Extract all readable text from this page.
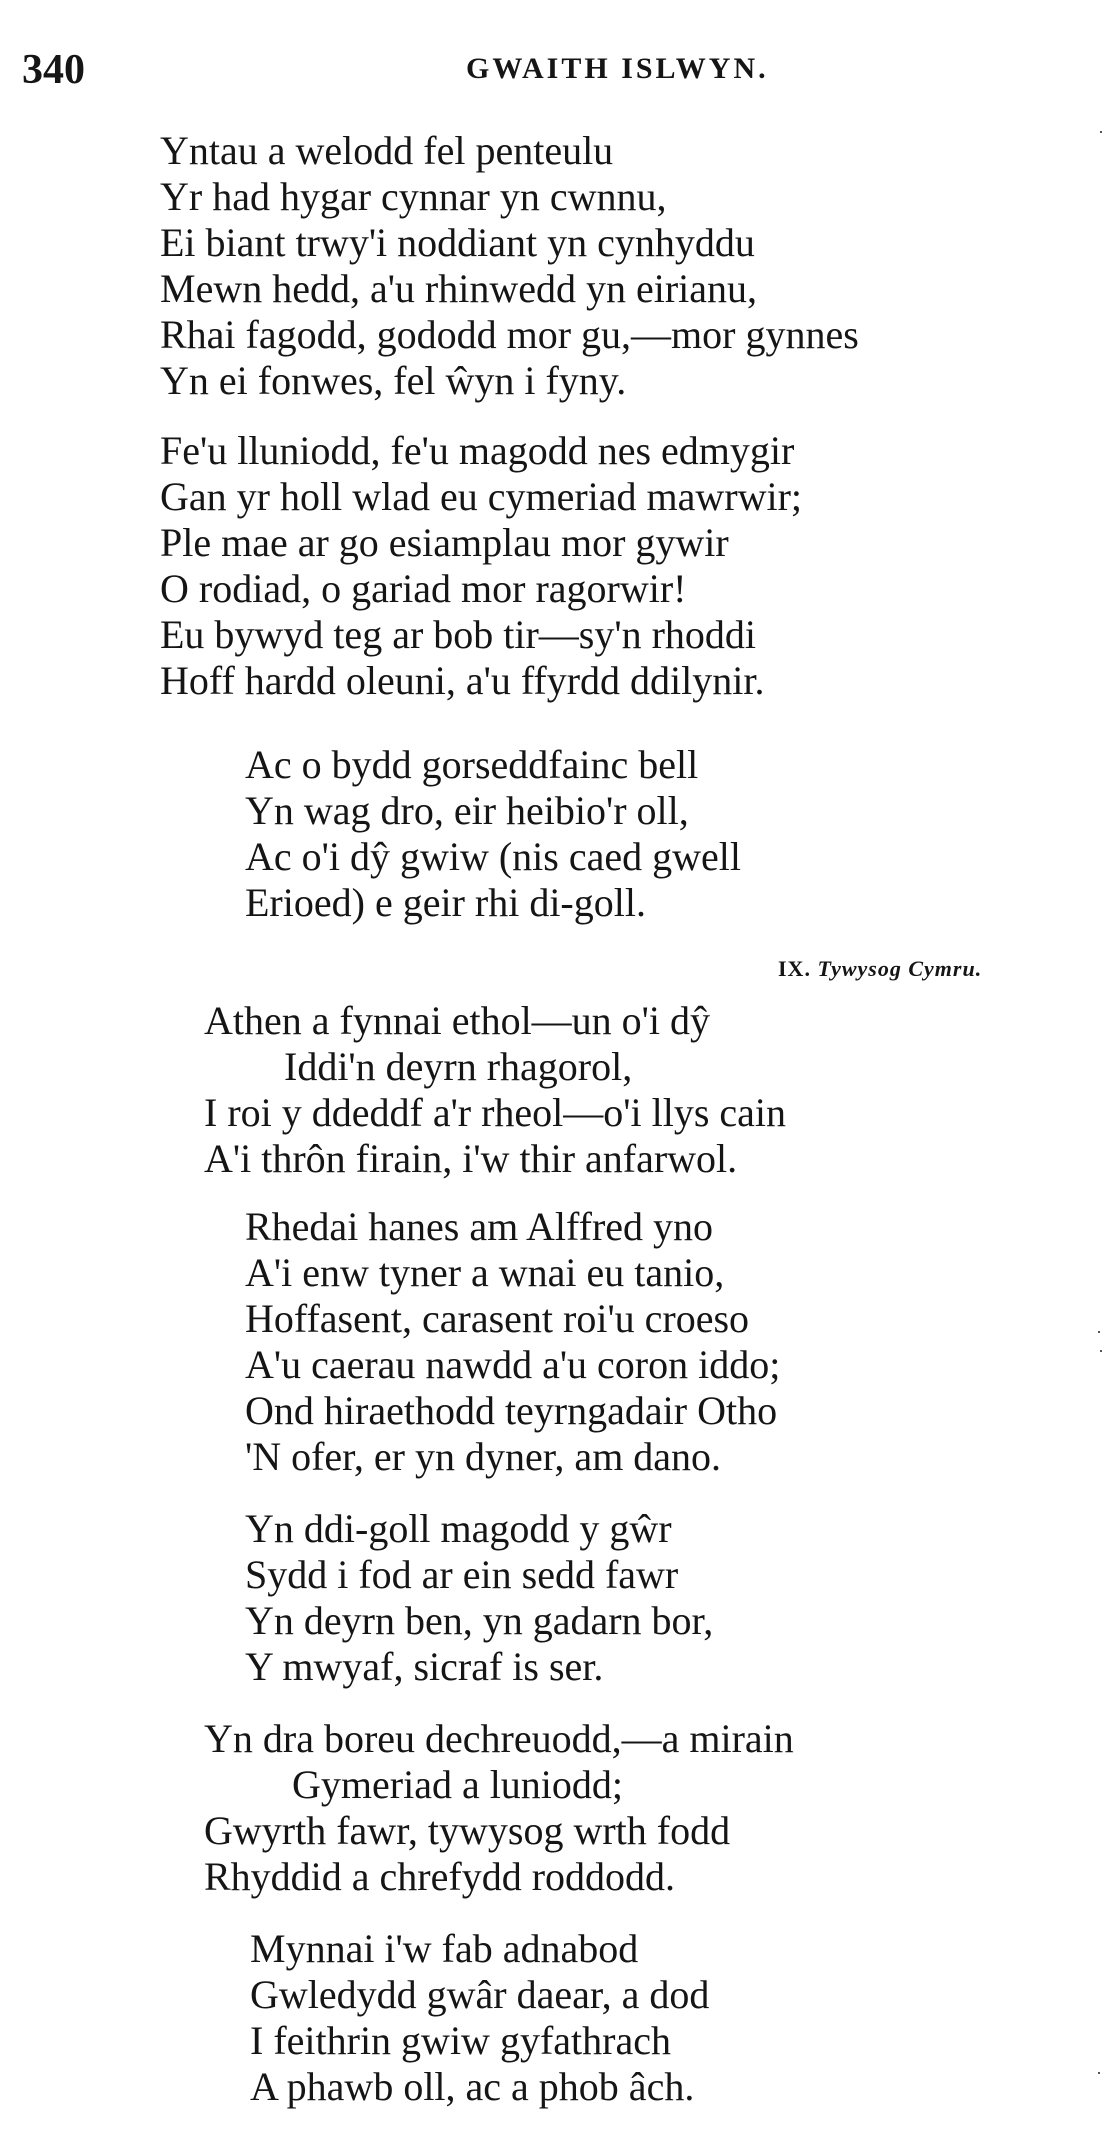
340	GWAITH ISLWYN.
Yntau a welodd fel penteulu
Yr had hygar cynnar yn cwnnu,
Ei biant trwy'i noddiant yn cynhyddu
Mewn hedd, a'u rhinwedd yn eirianu,
Rhai fagodd, gododd mor gu,—mor gynnes
Yn ei fonwes, fel ŵyn i fyny.
Fe'u lluniodd, fe'u magodd nes edmygir
Gan yr holl wlad eu cymeriad mawrwir;
Ple mae ar go esiamplau mor gywir
O rodiad, o gariad mor ragorwir!
Eu bywyd teg ar bob tir—sy'n rhoddi
Hoff hardd oleuni, a'u ffyrdd ddilynir.
Ac o bydd gorseddfainc bell
Yn wag dro, eir heibio'r oll,
Ac o'i dŷ gwiw (nis caed gwell
Erioed) e geir rhi di-goll.
IX. Tywysog Cymru.
Athen a fynnai ethol—un o'i dŷ
Iddi'n deyrn rhagorol,
I roi y ddeddf a'r rheol—o'i llys cain
A'i thrôn firain, i'w thir anfarwol.
Rhedai hanes am Alffred yno
A'i enw tyner a wnai eu tanio,
Hoffasent, carasent roi'u croeso
A'u caerau nawdd a'u coron iddo;
Ond hiraethodd teyrngadair Otho
'N ofer, er yn dyner, am dano.
Yn ddi-goll magodd y gŵr
Sydd i fod ar ein sedd fawr
Yn deyrn ben, yn gadarn bor,
Y mwyaf, sicraf is ser.
Yn dra boreu dechreuodd,—a mirain
Gymeriad a luniodd;
Gwyrth fawr, tywysog wrth fodd
Rhyddid a chrefydd roddodd.
Mynnai i'w fab adnabod
Gwledydd gwâr daear, a dod
I feithrin gwiw gyfathrach
A phawb oll, ac a phob âch.
